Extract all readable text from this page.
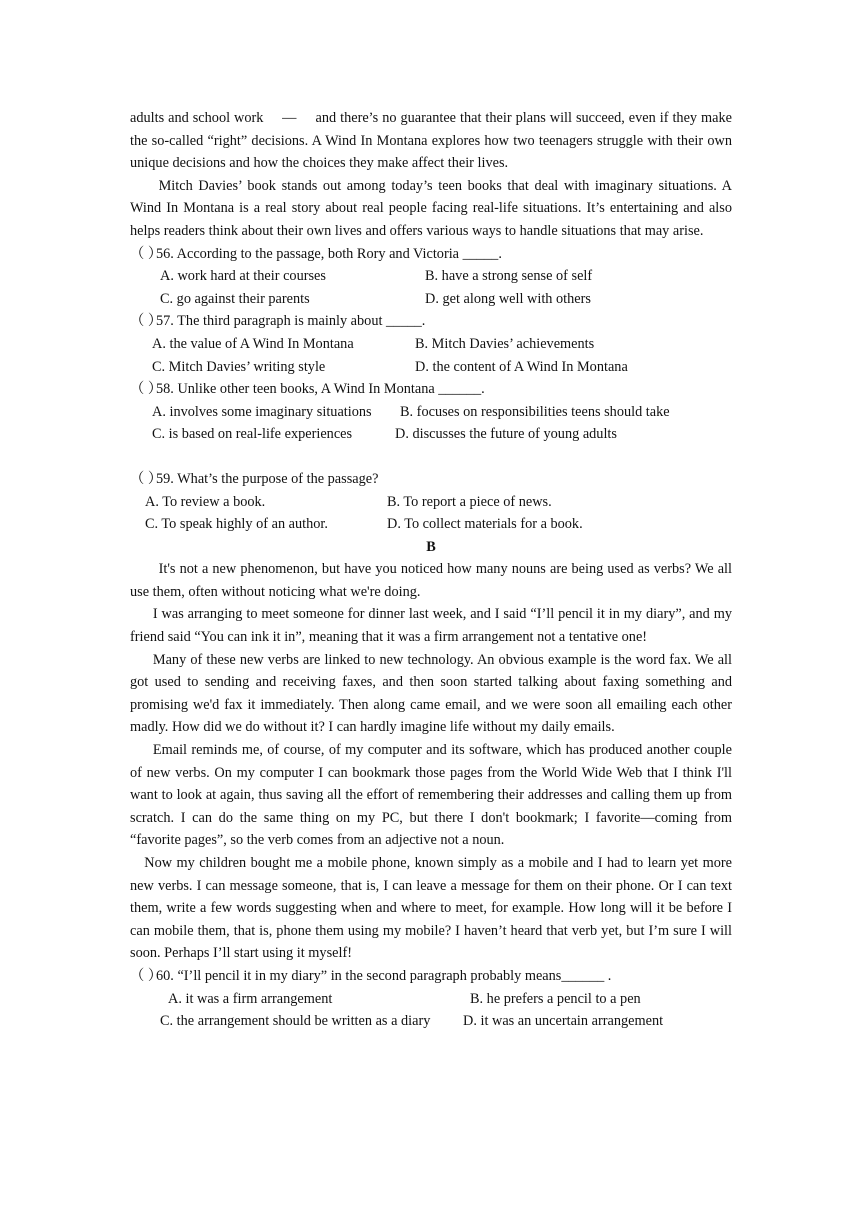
adults and school work 　—　 and there’s no guarantee that their plans will succeed, even if they make the so-called “right” decisions. A Wind In Montana explores how two teenagers struggle with their own unique decisions and how the choices they make affect their lives.

Mitch Davies’ book stands out among today’s teen books that deal with imaginary situations. A Wind In Montana is a real story about real people facing real-life situations. It’s entertaining and also helps readers think about their own lives and offers various ways to handle situations that may arise.

（ ）56. According to the passage, both Rory and Victoria _____.

A. work hard at their courses	B. have a strong sense of self
C. go against their parents	D. get along well with others

（ ）57. The third paragraph is mainly about _____.

A. the value of A Wind In Montana	B. Mitch Davies’ achievements
C. Mitch Davies’ writing style	D. the content of A Wind In Montana

（ ）58. Unlike other teen books, A Wind In Montana ______.

A. involves some imaginary situations B. focuses on responsibilities teens should take
C. is based on real-life experiences	D. discusses the future of young adults

（ ）59. What’s the purpose of the passage?

A. To review a book.	B. To report a piece of news.
C. To speak highly of an author.	D. To collect materials for a book.

B

It's not a new phenomenon, but have you noticed how many nouns are being used as verbs? We all use them, often without noticing what we're doing.

I was arranging to meet someone for dinner last week, and I said “I’ll pencil it in my diary”, and my friend said “You can ink it in”, meaning that it was a firm arrangement not a tentative one!

Many of these new verbs are linked to new technology. An obvious example is the word fax. We all got used to sending and receiving faxes, and then soon started talking about faxing something and promising we'd fax it immediately. Then along came email, and we were soon all emailing each other madly. How did we do without it? I can hardly imagine life without my daily emails.

Email reminds me, of course, of my computer and its software, which has produced another couple of new verbs. On my computer I can bookmark those pages from the World Wide Web that I think I'll want to look at again, thus saving all the effort of remembering their addresses and calling them up from scratch. I can do the same thing on my PC, but there I don't bookmark; I favorite—coming from “favorite pages”, so the verb comes from an adjective not a noun.

Now my children bought me a mobile phone, known simply as a mobile and I had to learn yet more new verbs. I can message someone, that is, I can leave a message for them on their phone. Or I can text them, write a few words suggesting when and where to meet, for example. How long will it be before I can mobile them, that is, phone them using my mobile? I haven’t heard that verb yet, but I’m sure I will soon. Perhaps I’ll start using it myself!

（ ）60. “I’ll pencil it in my diary” in the second paragraph probably means______ .

A. it was a firm arrangement	B. he prefers a pencil to a pen
C. the arrangement should be written as a diary D. it was an uncertain arrangement
